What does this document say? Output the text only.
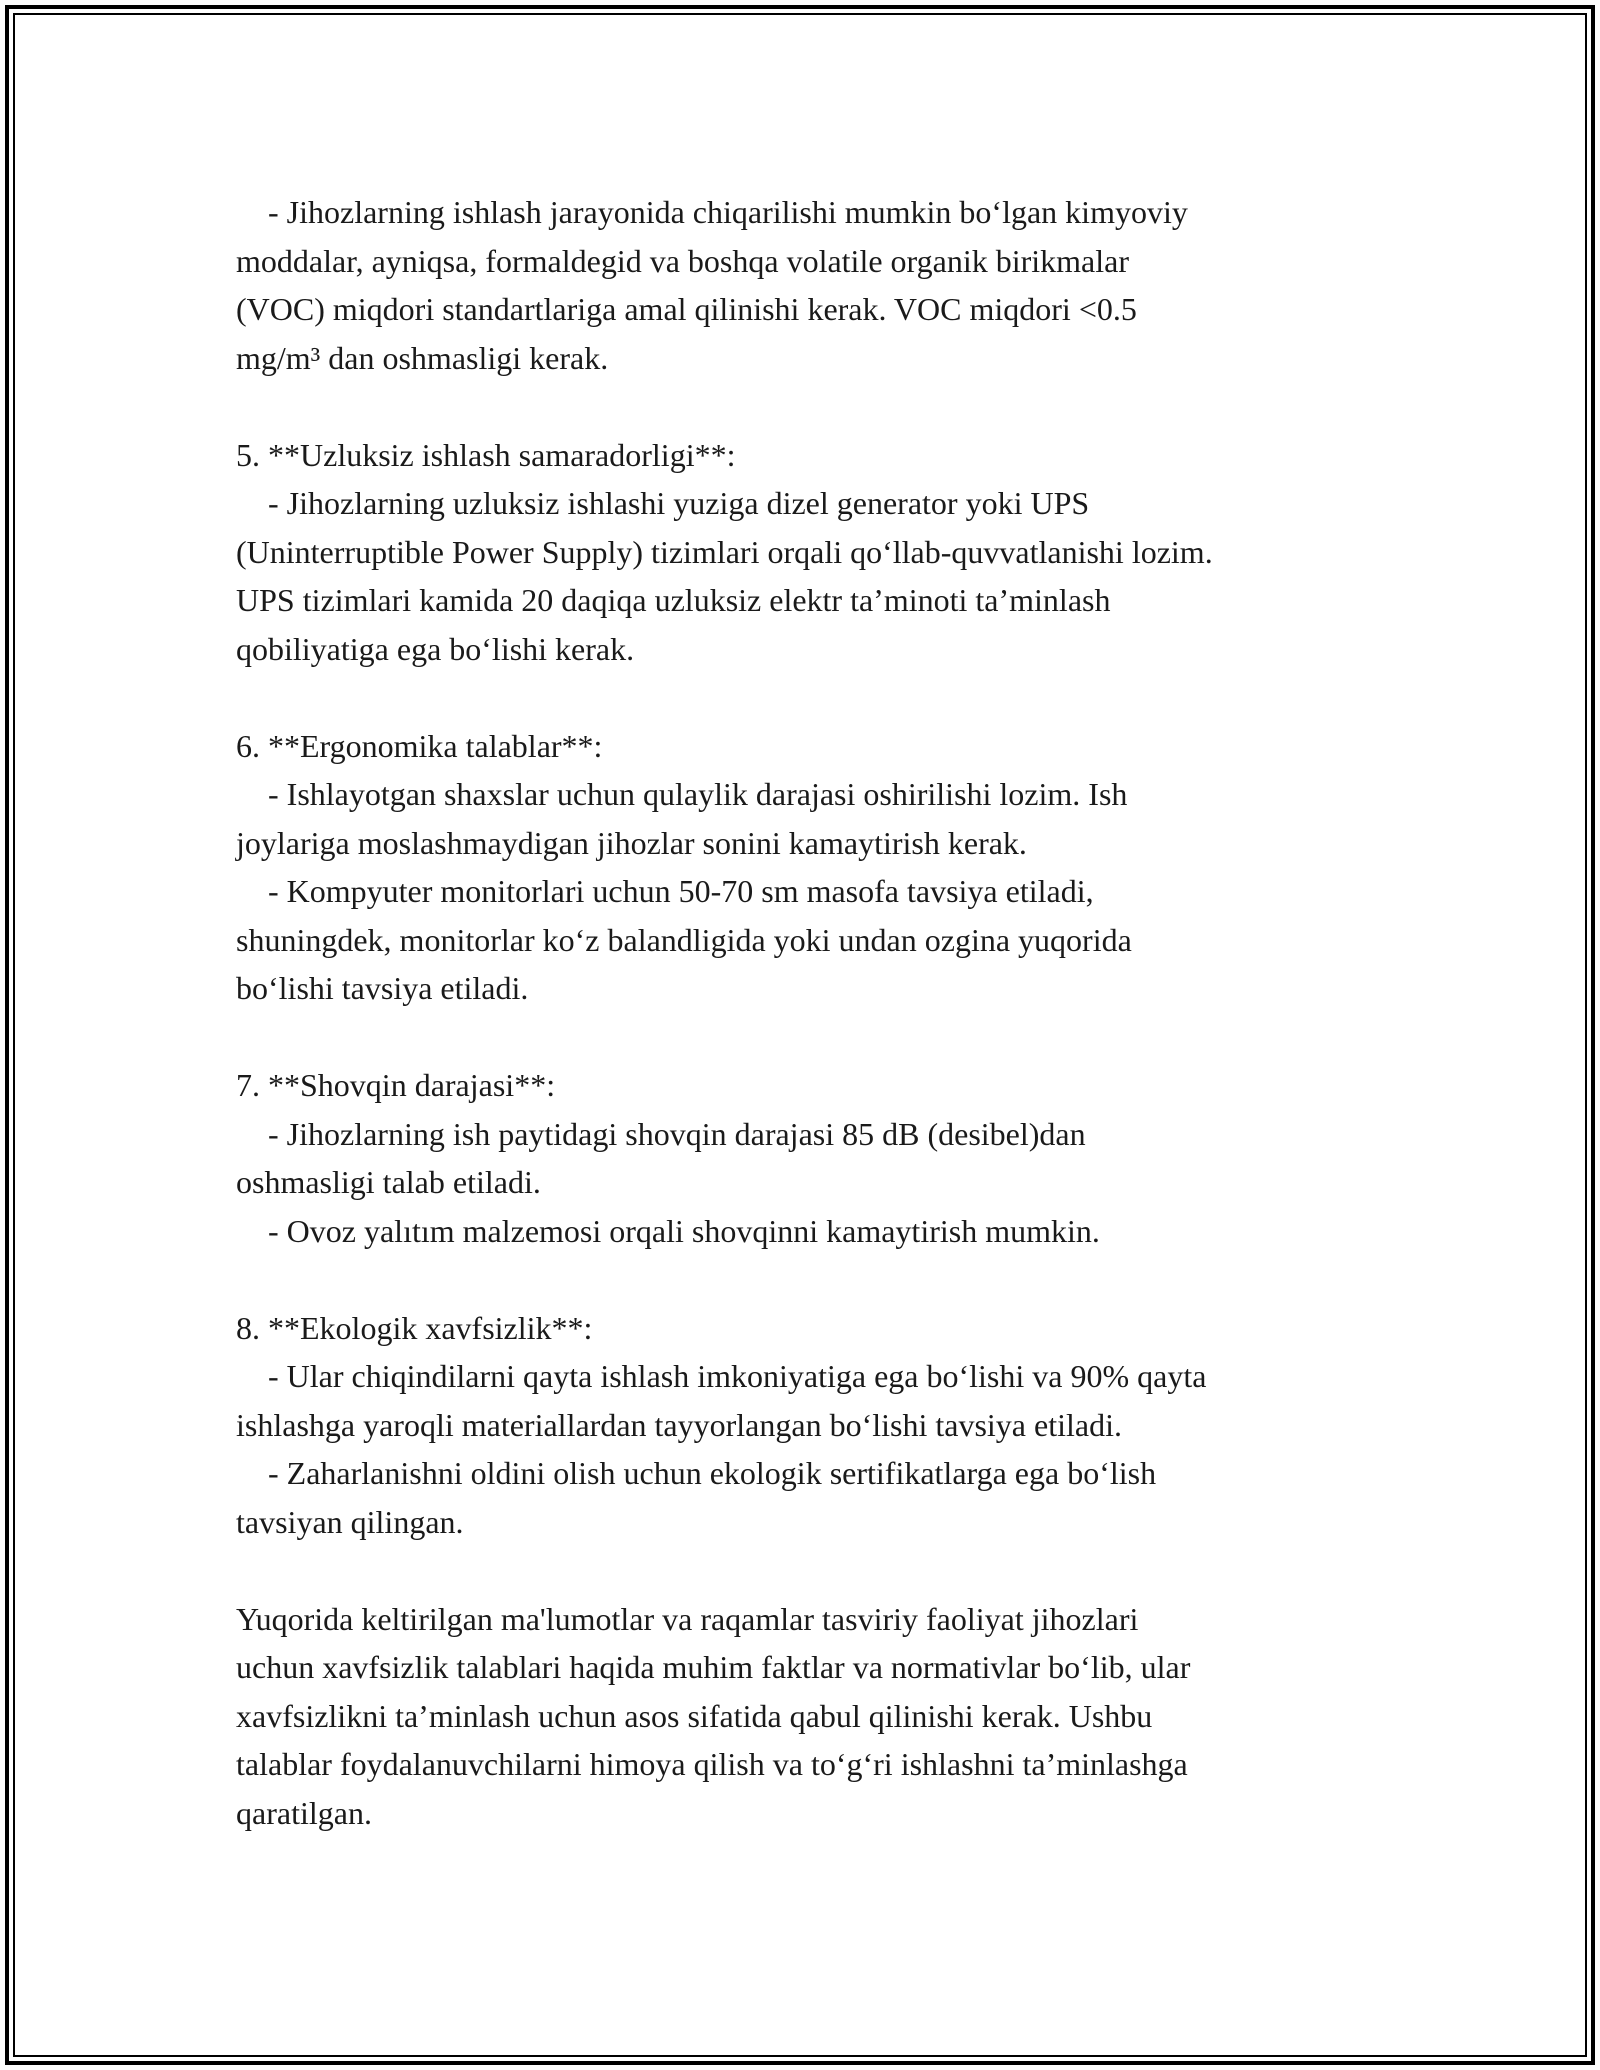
- Jihozlarning ishlash jarayonida chiqarilishi mumkin bo‘lgan kimyoviy
moddalar, ayniqsa, formaldegid va boshqa volatile organik birikmalar
(VOC) miqdori standartlariga amal qilinishi kerak. VOC miqdori <0.5
mg/m³ dan oshmasligi kerak.
5. **Uzluksiz ishlash samaradorligi**:
- Jihozlarning uzluksiz ishlashi yuziga dizel generator yoki UPS
(Uninterruptible Power Supply) tizimlari orqali qo‘llab-quvvatlanishi lozim.
UPS tizimlari kamida 20 daqiqa uzluksiz elektr ta’minoti ta’minlash
qobiliyatiga ega bo‘lishi kerak.
6. **Ergonomika talablar**:
- Ishlayotgan shaxslar uchun qulaylik darajasi oshirilishi lozim. Ish
joylariga moslashmaydigan jihozlar sonini kamaytirish kerak.
- Kompyuter monitorlari uchun 50-70 sm masofa tavsiya etiladi,
shuningdek, monitorlar ko‘z balandligida yoki undan ozgina yuqorida
bo‘lishi tavsiya etiladi.
7. **Shovqin darajasi**:
- Jihozlarning ish paytidagi shovqin darajasi 85 dB (desibel)dan
oshmasligi talab etiladi.
- Ovoz yalıtım malzemosi orqali shovqinni kamaytirish mumkin.
8. **Ekologik xavfsizlik**:
- Ular chiqindilarni qayta ishlash imkoniyatiga ega bo‘lishi va 90% qayta
ishlashga yaroqli materiallardan tayyorlangan bo‘lishi tavsiya etiladi.
- Zaharlanishni oldini olish uchun ekologik sertifikatlarga ega bo‘lish
tavsiyan qilingan.
Yuqorida keltirilgan ma'lumotlar va raqamlar tasviriy faoliyat jihozlari
uchun xavfsizlik talablari haqida muhim faktlar va normativlar bo‘lib, ular
xavfsizlikni ta’minlash uchun asos sifatida qabul qilinishi kerak. Ushbu
talablar foydalanuvchilarni himoya qilish va to‘g‘ri ishlashni ta’minlashga
qaratilgan.
